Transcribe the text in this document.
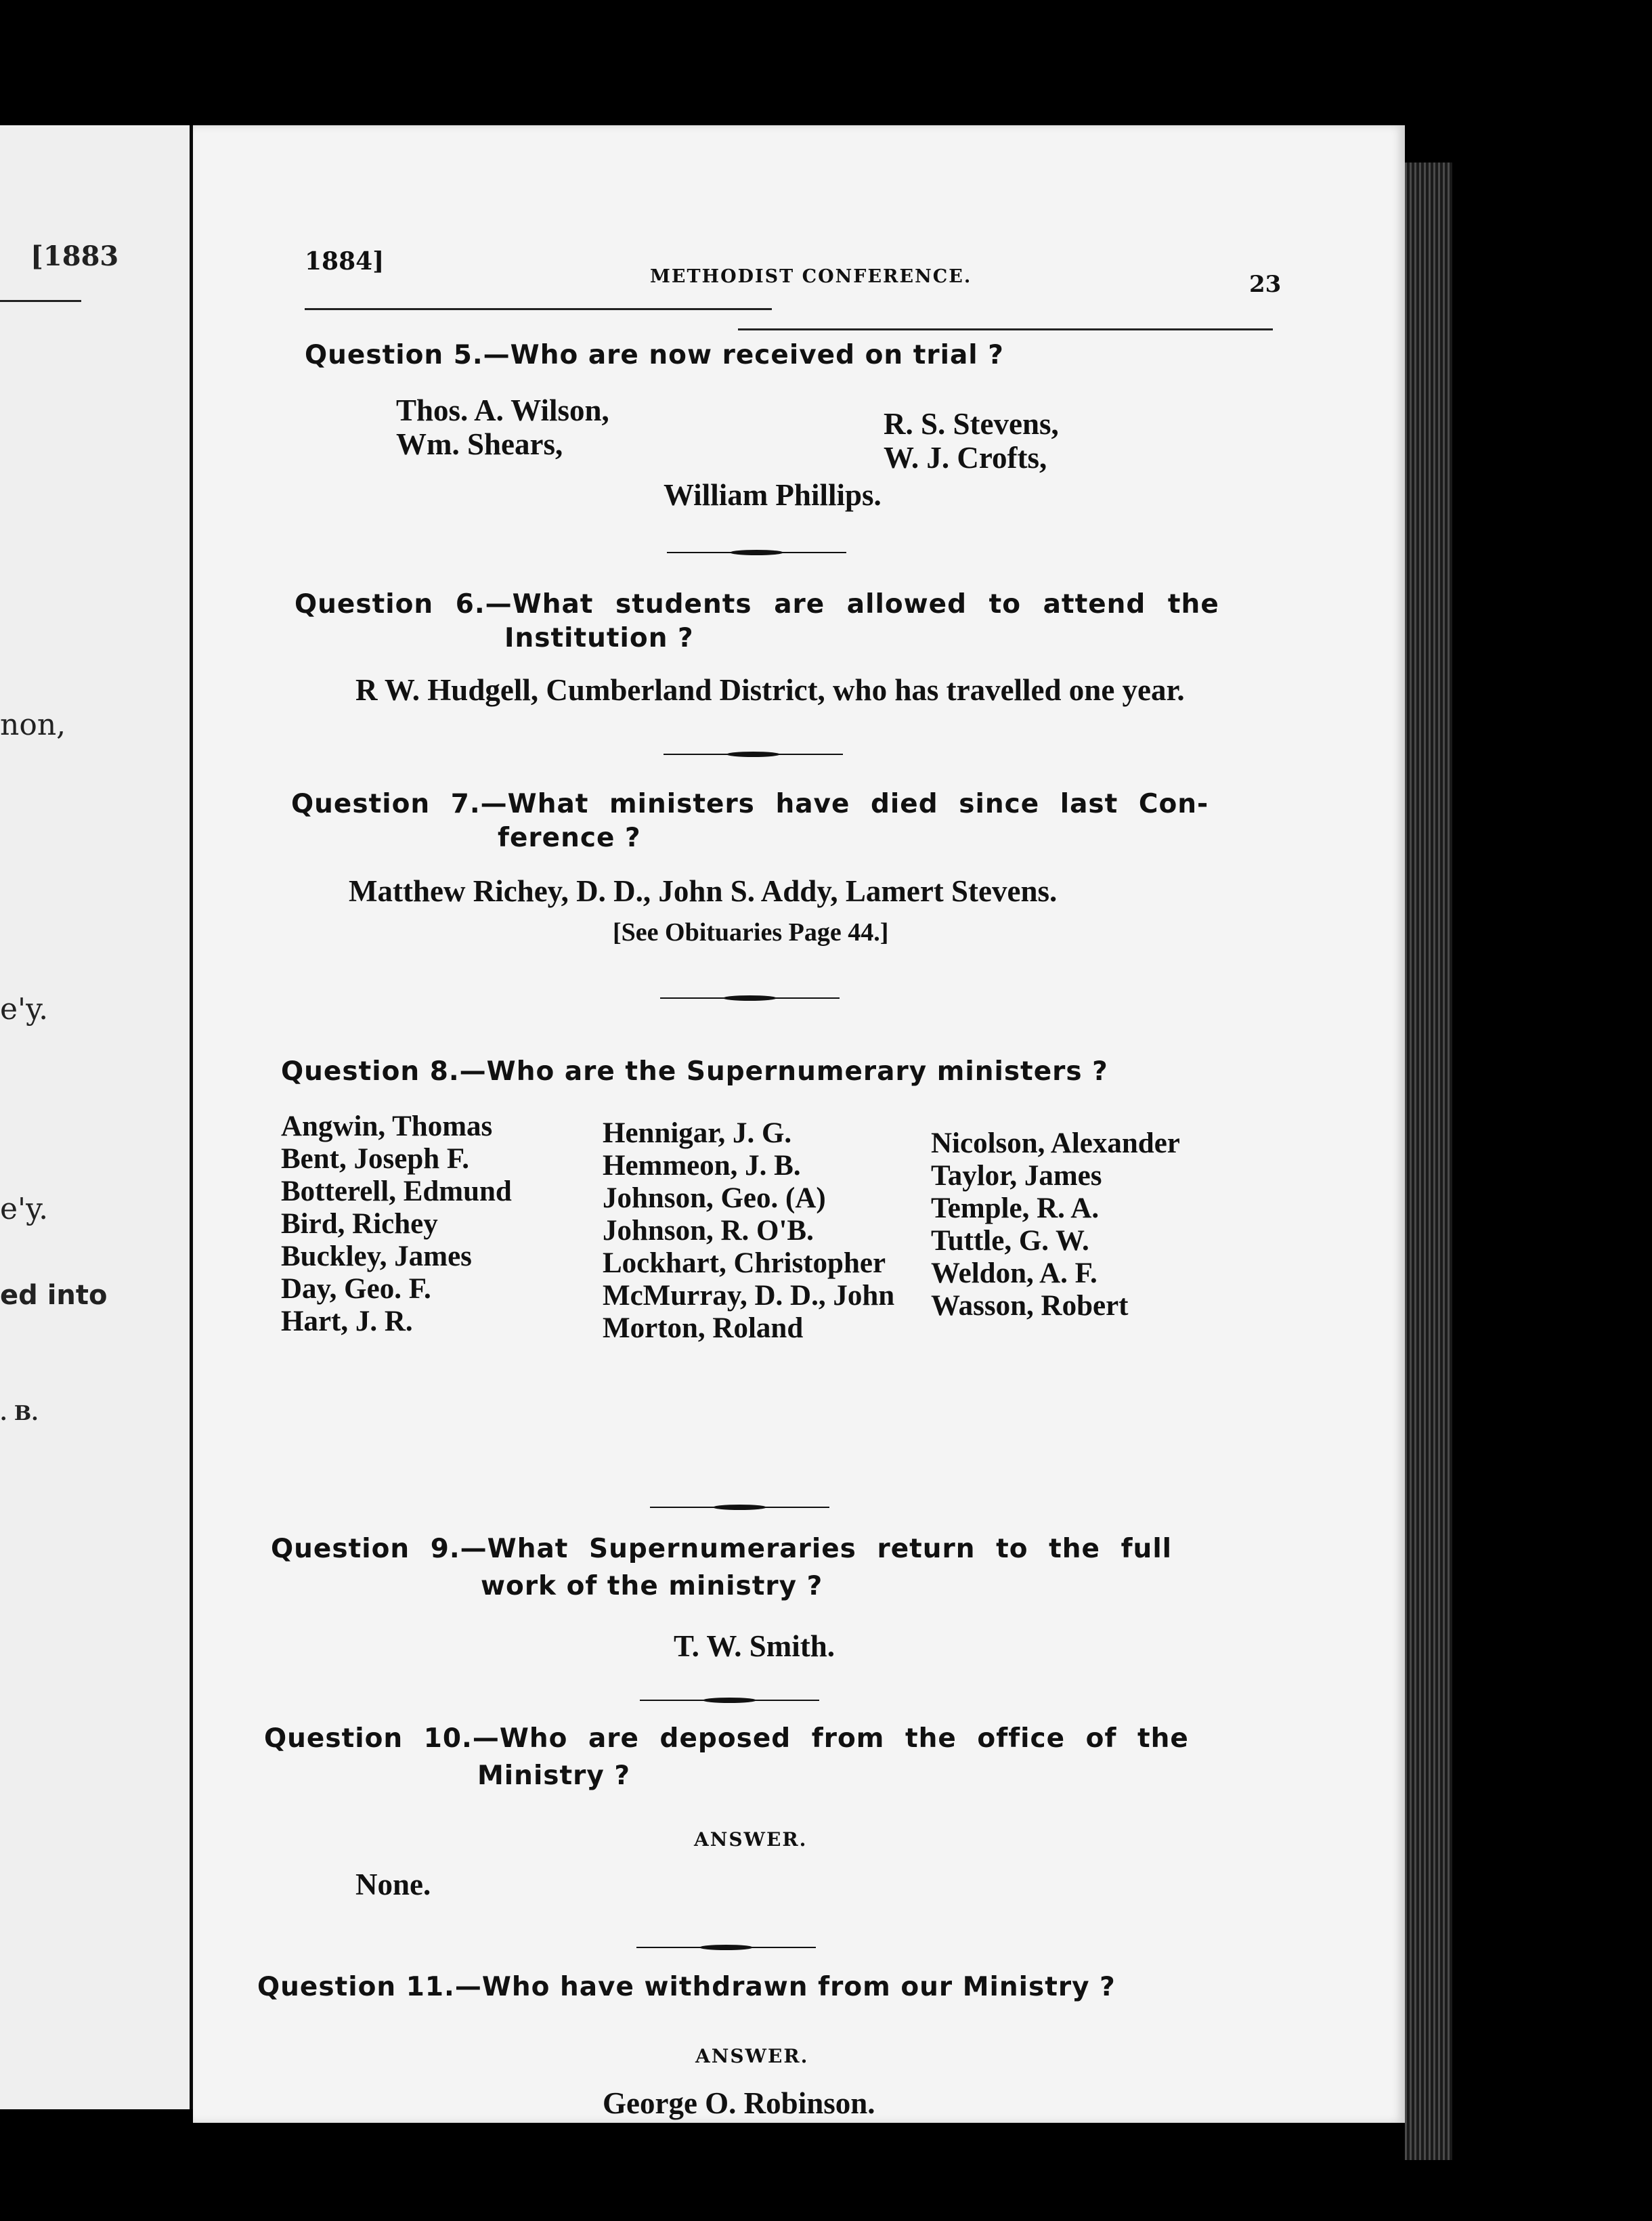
[1883
non,
e'y.
e'y.
ed into
. B.
1884]
METHODIST CONFERENCE.	23
Question 5.—Who are now received on trial ?
Thos. A. Wilson,
Wm. Shears,
R. S. Stevens,
W. J. Crofts,
William Phillips.
Question 6.—What students are allowed to attend the
Institution ?
R W. Hudgell, Cumberland District, who has travelled one year.
Question 7.—What ministers have died since last Con-
ference ?
Matthew Richey, D. D., John S. Addy, Lamert Stevens.
[See Obituaries Page 44.]
Question 8.—Who are the Supernumerary ministers ?
Angwin, Thomas
Bent, Joseph F.
Botterell, Edmund
Bird, Richey
Buckley, James
Day, Geo. F.
Hart, J. R.
Hennigar, J. G.
Hemmeon, J. B.
Johnson, Geo. (A)
Johnson, R. O'B.
Lockhart, Christopher
McMurray, D. D., John
Morton, Roland
Nicolson, Alexander
Taylor, James
Temple, R. A.
Tuttle, G. W.
Weldon, A. F.
Wasson, Robert
Question 9.—What Supernumeraries return to the full
work of the ministry ?
T. W. Smith.
Question 10.—Who are deposed from the office of the
Ministry ?
ANSWER.
None.
Question 11.—Who have withdrawn from our Ministry ?
ANSWER.
George O. Robinson.
